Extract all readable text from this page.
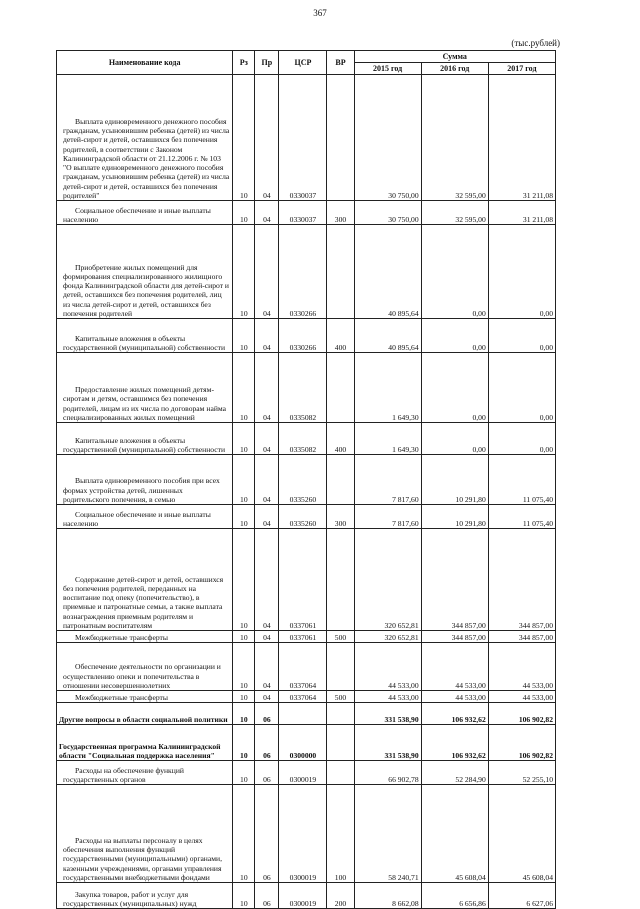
367
(тыс.рублей)
Наименование кода	Рз	Пр	ЦСР	ВР	Сумма		
					2015 год	2016 год	2017 год
Выплата единовременного денежного пособия гражданам, усыновившим ребенка (детей) из числа детей-сирот и детей, оставшихся без попечения родителей, в соответствии с Законом Калининградской области от 21.12.2006 г. № 103 "О выплате единовременного денежного пособия гражданам, усыновившим ребенка (детей) из числа детей-сирот и детей, оставшихся без попечения родителей"	10	04	0330037		30 750,00	32 595,00	31 211,08
Социальное обеспечение и иные выплаты населению	10	04	0330037	300	30 750,00	32 595,00	31 211,08
Приобретение жилых помещений для формирования специализированного жилищного фонда Калининградской области для детей-сирот и детей, оставшихся без попечения родителей, лиц из числа детей-сирот и детей, оставшихся без попечения родителей	10	04	0330266		40 895,64	0,00	0,00
Капитальные вложения в объекты государственной (муниципальной) собственности	10	04	0330266	400	40 895,64	0,00	0,00
Предоставление жилых помещений детям-сиротам и детям, оставшимся без попечения родителей, лицам из их числа по договорам найма специализированных жилых помещений	10	04	0335082		1 649,30	0,00	0,00
Капитальные вложения в объекты государственной (муниципальной) собственности	10	04	0335082	400	1 649,30	0,00	0,00
Выплата единовременного пособия при всех формах устройства детей, лишенных родительского попечения, в семью	10	04	0335260		7 817,60	10 291,80	11 075,40
Социальное обеспечение и иные выплаты населению	10	04	0335260	300	7 817,60	10 291,80	11 075,40
Содержание детей-сирот и детей, оставшихся без попечения родителей, переданных на воспитание под опеку (попечительство), в приемные и патронатные семьи, а также выплата вознаграждения приемным родителям и патронатным воспитателям	10	04	0337061		320 652,81	344 857,00	344 857,00
Межбюджетные трансферты	10	04	0337061	500	320 652,81	344 857,00	344 857,00
Обеспечение деятельности по организации и осуществлению опеки и попечительства в отношении несовершеннолетних	10	04	0337064		44 533,00	44 533,00	44 533,00
Межбюджетные трансферты	10	04	0337064	500	44 533,00	44 533,00	44 533,00
Другие вопросы в области социальной политики	10	06			331 538,90	106 932,62	106 902,82
Государственная программа Калининградской области "Социальная поддержка населения"	10	06	0300000		331 538,90	106 932,62	106 902,82
Расходы на обеспечение функций государственных органов	10	06	0300019		66 902,78	52 284,90	52 255,10
Расходы на выплаты персоналу в целях обеспечения выполнения функций государственными (муниципальными) органами, казенными учреждениями, органами управления государственными внебюджетными фондами	10	06	0300019	100	58 240,71	45 608,04	45 608,04
Закупка товаров, работ и услуг для государственных (муниципальных) нужд	10	06	0300019	200	8 662,08	6 656,86	6 627,06
